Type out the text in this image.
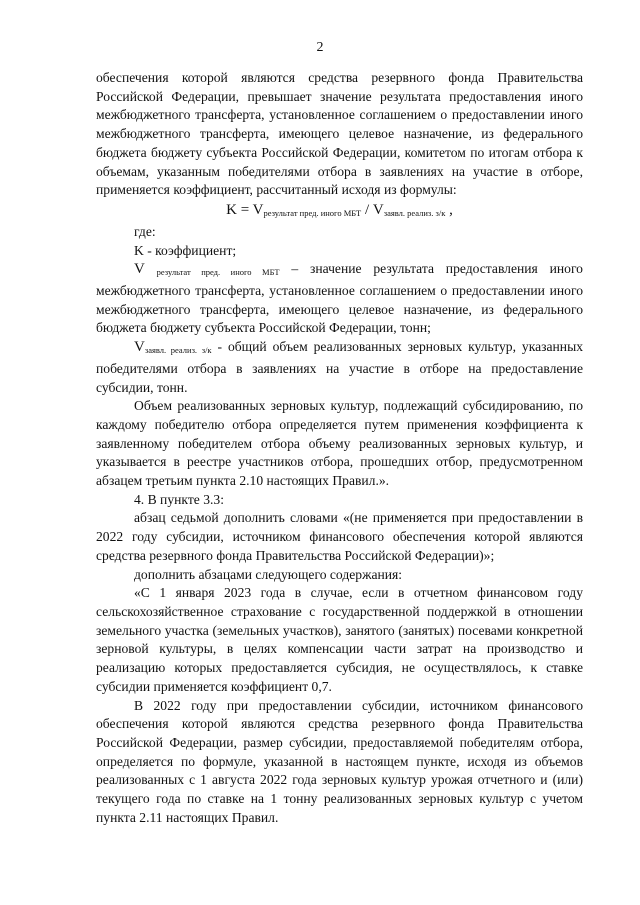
2

обеспечения которой являются средства резервного фонда Правительства Российской Федерации, превышает значение результата предоставления иного межбюджетного трансферта, установленное соглашением о предоставлении иного межбюджетного трансферта, имеющего целевое назначение, из федерального бюджета бюджету субъекта Российской Федерации, комитетом по итогам отбора к объемам, указанным победителями отбора в заявлениях на участие в отборе, применяется коэффициент, рассчитанный исходя из формулы:

$K = V_{результат пред. иного МБТ} / V_{заявл. реализ. з/к}$ ,

где:

K - коэффициент;

V результат пред. иного МБТ – значение результата предоставления иного межбюджетного трансферта, установленное соглашением о предоставлении иного межбюджетного трансферта, имеющего целевое назначение, из федерального бюджета бюджету субъекта Российской Федерации, тонн;

Vзаявл. реализ. з/к - общий объем реализованных зерновых культур, указанных победителями отбора в заявлениях на участие в отборе на предоставление субсидии, тонн.

Объем реализованных зерновых культур, подлежащий субсидированию, по каждому победителю отбора определяется путем применения коэффициента к заявленному победителем отбора объему реализованных зерновых культур, и указывается в реестре участников отбора, прошедших отбор, предусмотренном абзацем третьим пункта 2.10 настоящих Правил.».

4. В пункте 3.3:

абзац седьмой дополнить словами «(не применяется при предоставлении в 2022 году субсидии, источником финансового обеспечения которой являются средства резервного фонда Правительства Российской Федерации)»;

дополнить абзацами следующего содержания:

«С 1 января 2023 года в случае, если в отчетном финансовом году сельскохозяйственное страхование с государственной поддержкой в отношении земельного участка (земельных участков), занятого (занятых) посевами конкретной зерновой культуры, в целях компенсации части затрат на производство и реализацию которых предоставляется субсидия, не осуществлялось, к ставке субсидии применяется коэффициент 0,7.

В 2022 году при предоставлении субсидии, источником финансового обеспечения которой являются средства резервного фонда Правительства Российской Федерации, размер субсидии, предоставляемой победителям отбора, определяется по формуле, указанной в настоящем пункте, исходя из объемов реализованных с 1 августа 2022 года зерновых культур урожая отчетного и (или) текущего года по ставке на 1 тонну реализованных зерновых культур с учетом пункта 2.11 настоящих Правил.
